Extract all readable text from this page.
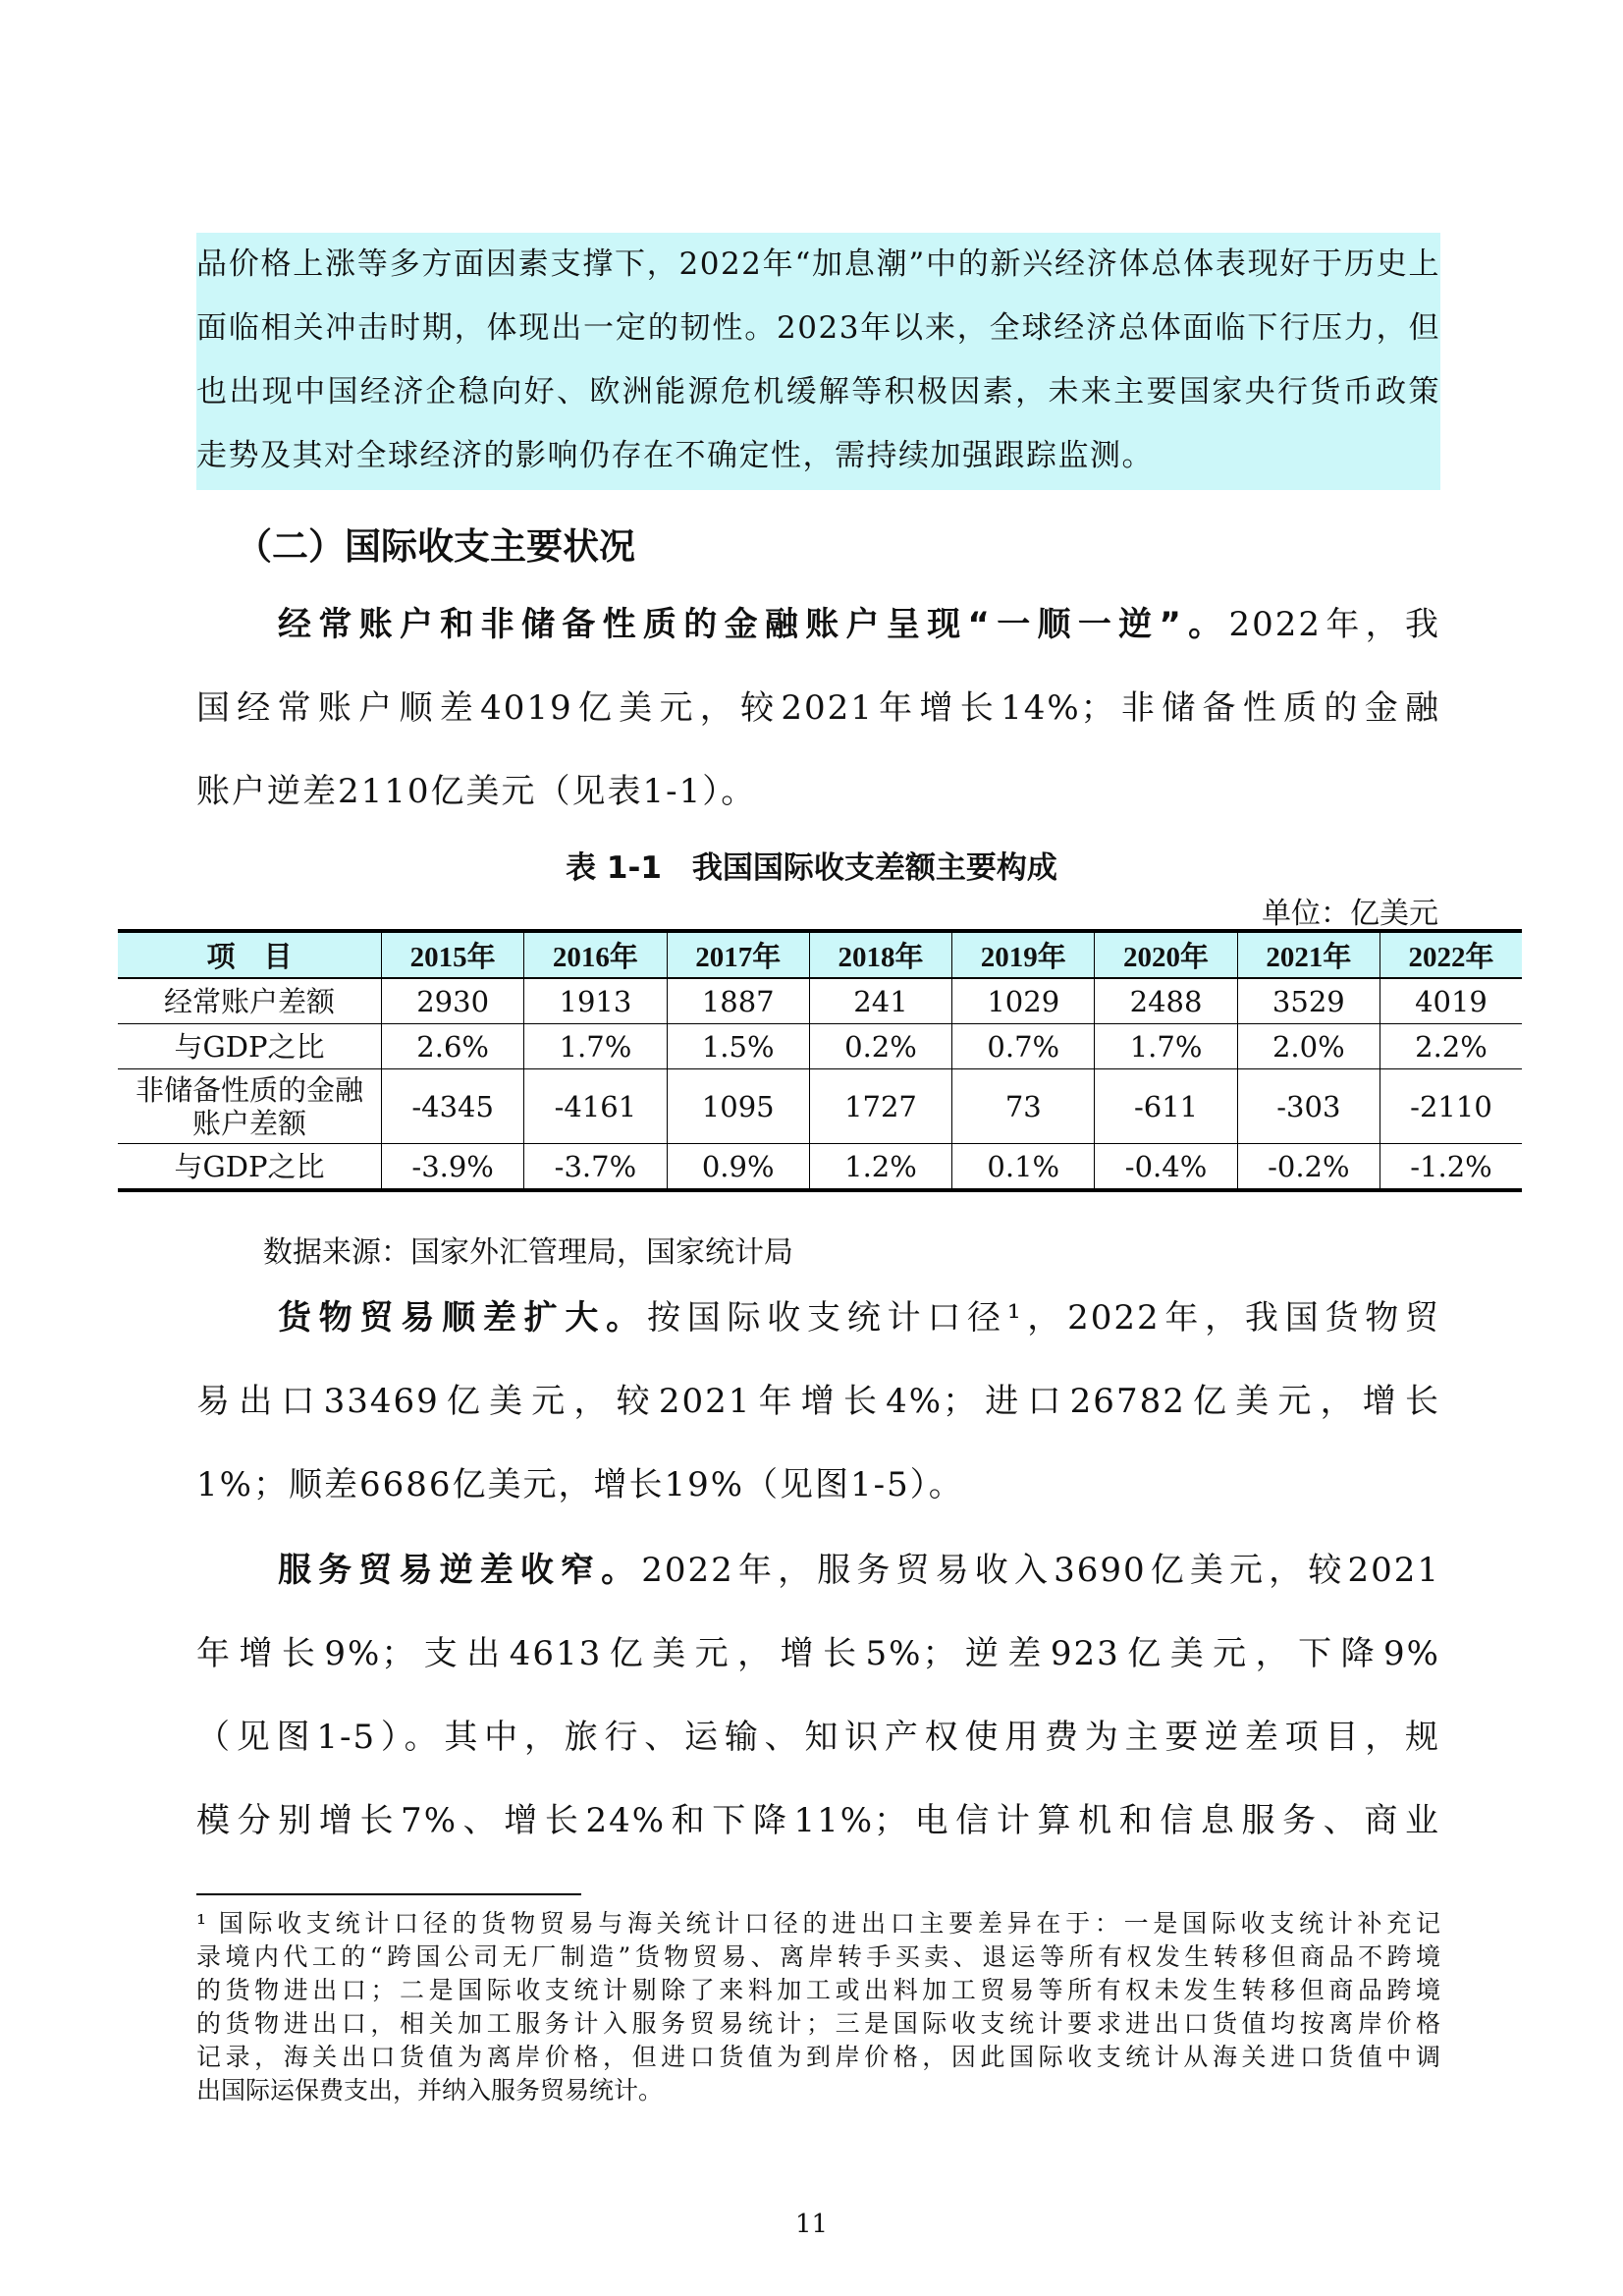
品价格上涨等多方面因素支撑下，2022年“加息潮”中的新兴经济体总体表现好于历史上
面临相关冲击时期，体现出一定的韧性。2023年以来，全球经济总体面临下行压力，但
也出现中国经济企稳向好、欧洲能源危机缓解等积极因素，未来主要国家央行货币政策
走势及其对全球经济的影响仍存在不确定性，需持续加强跟踪监测。
（二）国际收支主要状况
经常账户和非储备性质的金融账户呈现“一顺一逆”。2022年，我
国经常账户顺差4019亿美元，较2021年增长14%；非储备性质的金融
账户逆差2110亿美元（见表1-1）。
表 1-1　我国国际收支差额主要构成
单位：亿美元
项　目	2015年	2016年	2017年	2018年	2019年	2020年	2021年	2022年
经常账户差额	2930	1913	1887	241	1029	2488	3529	4019
与GDP之比	2.6%	1.7%	1.5%	0.2%	0.7%	1.7%	2.0%	2.2%
非储备性质的金融账户差额	-4345	-4161	1095	1727	73	-611	-303	-2110
与GDP之比	-3.9%	-3.7%	0.9%	1.2%	0.1%	-0.4%	-0.2%	-1.2%
数据来源：国家外汇管理局，国家统计局
货物贸易顺差扩大。按国际收支统计口径¹，2022年，我国货物贸
易出口33469亿美元，较2021年增长4%；进口26782亿美元，增长
1%；顺差6686亿美元，增长19%（见图1-5）。
服务贸易逆差收窄。2022年，服务贸易收入3690亿美元，较2021
年增长9%；支出4613亿美元，增长5%；逆差923亿美元，下降9%
（见图1-5）。其中，旅行、运输、知识产权使用费为主要逆差项目，规
模分别增长7%、增长24%和下降11%；电信计算机和信息服务、商业
¹ 国际收支统计口径的货物贸易与海关统计口径的进出口主要差异在于：一是国际收支统计补充记
录境内代工的“跨国公司无厂制造”货物贸易、离岸转手买卖、退运等所有权发生转移但商品不跨境
的货物进出口；二是国际收支统计剔除了来料加工或出料加工贸易等所有权未发生转移但商品跨境
的货物进出口，相关加工服务计入服务贸易统计；三是国际收支统计要求进出口货值均按离岸价格
记录，海关出口货值为离岸价格，但进口货值为到岸价格，因此国际收支统计从海关进口货值中调
出国际运保费支出，并纳入服务贸易统计。
11
